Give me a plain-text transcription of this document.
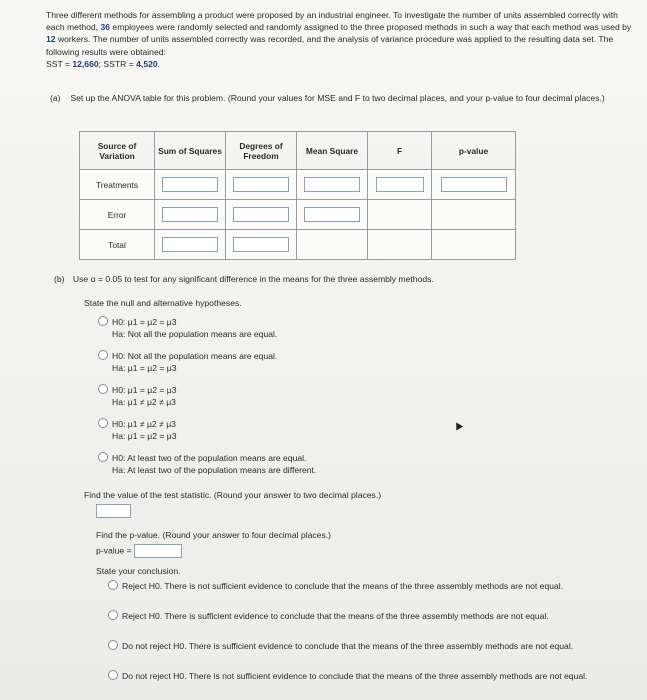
Three different methods for assembling a product were proposed by an industrial engineer. To investigate the number of units assembled correctly with each method, 36 employees were randomly selected and randomly assigned to the three proposed methods in such a way that each method was used by 12 workers. The number of units assembled correctly was recorded, and the analysis of variance procedure was applied to the resulting data set. The following results were obtained:
SST = 12,660; SSTR = 4,520.
(a) Set up the ANOVA table for this problem. (Round your values for MSE and F to two decimal places, and your p-value to four decimal places.)
Source of Variation	Sum of Squares	Degrees of Freedom	Mean Square	F	p-value
Treatments					
Error					
Total					
(b) Use α = 0.05 to test for any significant difference in the means for the three assembly methods.
State the null and alternative hypotheses.
H0: μ1 = μ2 = μ3
Ha: Not all the population means are equal.
H0: Not all the population means are equal.
Ha: μ1 = μ2 = μ3
H0: μ1 = μ2 = μ3
Ha: μ1 ≠ μ2 ≠ μ3
H0: μ1 ≠ μ2 ≠ μ3
Ha: μ1 = μ2 = μ3
H0: At least two of the population means are equal.
Ha: At least two of the population means are different.
Find the value of the test statistic. (Round your answer to two decimal places.)
Find the p-value. (Round your answer to four decimal places.)
p-value =
State your conclusion.
Reject H0. There is not sufficient evidence to conclude that the means of the three assembly methods are not equal.
Reject H0. There is sufficient evidence to conclude that the means of the three assembly methods are not equal.
Do not reject H0. There is sufficient evidence to conclude that the means of the three assembly methods are not equal.
Do not reject H0. There is not sufficient evidence to conclude that the means of the three assembly methods are not equal.
